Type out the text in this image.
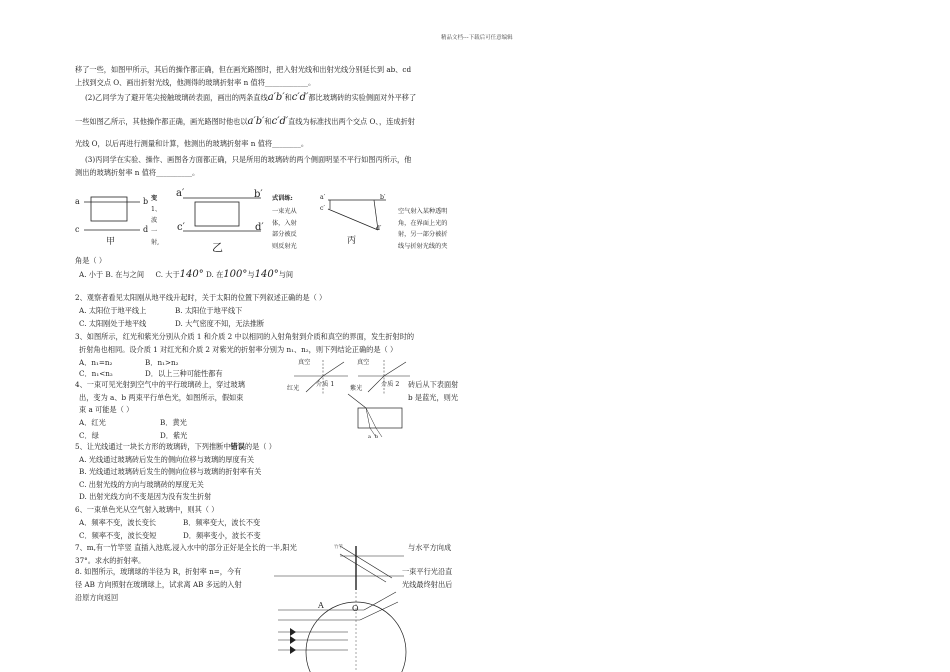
精品文档---下载后可任意编辑
移了一些，如图甲所示，其后的操作都正确，但在画光路图时，把入射光线和出射光线分别延长到 ab、cd
上找到交点 O、画出折射光线，他测得的玻璃折射率 n 值将____________。
(2)乙同学为了避开笔尖接触玻璃砖表面，画出的两条直线a′b′和c′d′都比玻璃砖的实验侧面对外平移了
一些如图乙所示，其他操作都正确，画光路图时他也以a′b′和c′d′直线为标准找出两个交点 O、，连成折射
光线 O，以后再进行测量和计算，他测出的玻璃折射率 n 值将________。
(3)丙同学在实验、操作、画图各方面都正确，只是所用的玻璃砖的两个侧面明显不平行如图丙所示，他
测出的玻璃折射率 n 值将__________。
a	b
c	d
甲
变
1、
波
一
射,
a′	b′
c′	d′
乙
式训练:
一束光从
体，入射
部分被反
则反射光
a′	b′
c′
d′
丙
空气射入某种透明
角，在界面上光的
射，另一部分被折
线与折射光线的夹
角是（ ）
A. 小于 B. 在与之间 C. 大于140° D. 在100°与140°与间
2、观察者看见太阳刚从地平线升起时，关于太阳的位置下列叙述正确的是（ ）
A. 太阳位于地平线上	B. 太阳位于地平线下
C. 太阳刚处于地平线	D. 大气密度不知，无法推断
3、如图所示，红光和紫光分别从介质 1 和介质 2 中以相同的入射角射到介质和真空的界面，发生折射时的
折射角也相同。设介质 1 对红光和介质 2 对紫光的折射率分别为 n₁、n₂，则下列结论正确的是（ ）
A．n₁=n₂	B．n₁>n₂
C．n₁<n₂	D．以上三种可能性都有
真空
介质 1
红光
真空
介质 2
紫光
4、一束可见光射到空气中的平行玻璃砖上，穿过玻璃	砖后从下表面射
出，变为 a、b 两束平行单色光，如图所示，假如束	b 是蓝光，则光
束 a 可能是（ ）
A．红光	B．黄光
C．绿	D．紫光	a b
5、让光线通过一块长方形的玻璃砖，下列推断中错误的是（ ）
A. 光线通过玻璃砖后发生的侧向位移与玻璃的厚度有关
B. 光线通过玻璃砖后发生的侧向位移与玻璃的折射率有关
C. 出射光线的方向与玻璃砖的厚度无关
D. 出射光线方向不变是因为没有发生折射
6、一束单色光从空气射入玻璃中，则其（ ）
A．频率不变，波长变长	B．频率变大，波长不变
C．频率不变，波长变短	D．频率变小，波长不变
7、m,有一竹竿竖 直插入池底,浸入水中的部分正好是全长的一半,阳光	与水平方向成
37°。求水的折射率。
竹竿
8. 如图所示，玻璃球的半径为 R，折射率 n=，今有	一束平行光沿直
径 AB 方向照射在玻璃球上，试求离 AB 多远的入射	光线最终射出后
沿原方向返回
A	O
